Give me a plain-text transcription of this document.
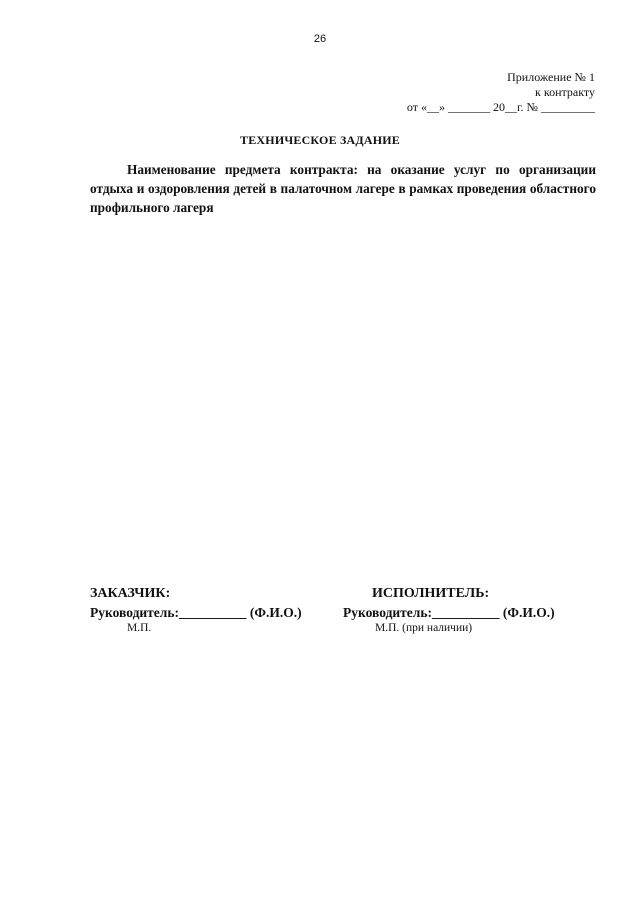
26
Приложение № 1
к контракту
от «__» _______ 20__г. № _________
ТЕХНИЧЕСКОЕ ЗАДАНИЕ
Наименование предмета контракта: на оказание услуг по организации отдыха и оздоровления детей в палаточном лагере в рамках проведения областного профильного лагеря
ЗАКАЗЧИК:
Руководитель:__________ (Ф.И.О.)
М.П.
ИСПОЛНИТЕЛЬ:
Руководитель:__________ (Ф.И.О.)
М.П. (при наличии)
